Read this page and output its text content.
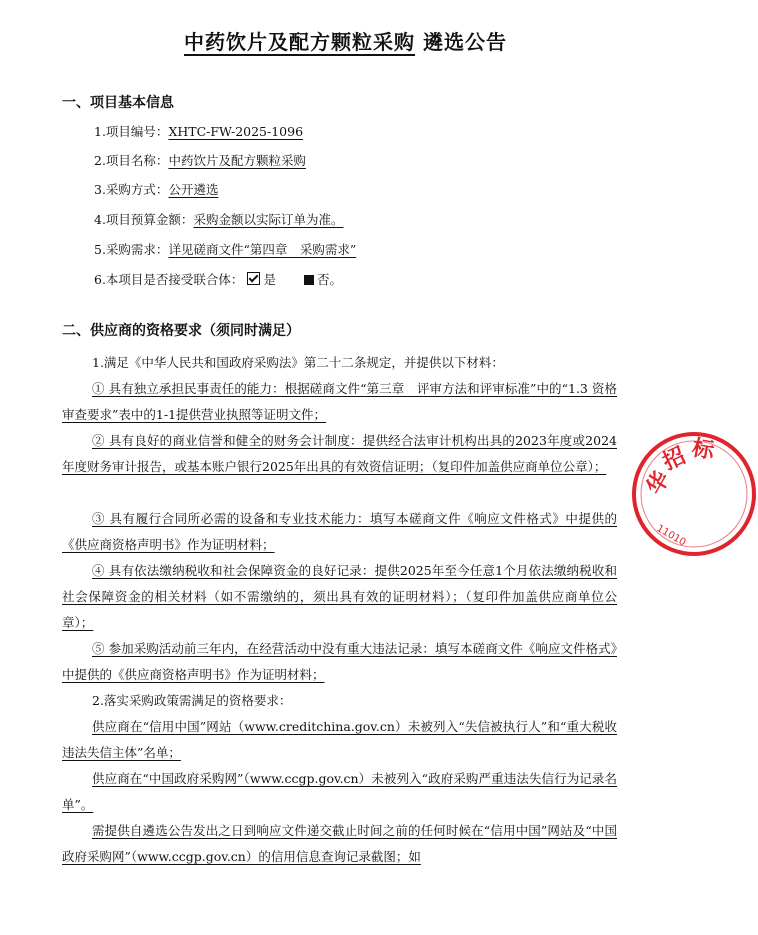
中药饮片及配方颗粒采购 遴选公告
一、项目基本信息
1.项目编号：XHTC-FW-2025-1096
2.项目名称：中药饮片及配方颗粒采购
3.采购方式：公开遴选
4.项目预算金额：采购金额以实际订单为准。
5.采购需求：详见磋商文件“第四章　采购需求”
6.本项目是否接受联合体： 是	否。
二、供应商的资格要求（须同时满足）
1.满足《中华人民共和国政府采购法》第二十二条规定，并提供以下材料：
① 具有独立承担民事责任的能力：根据磋商文件“第三章　评审方法和评审标准”中的“1.3 资格审查要求”表中的1-1提供营业执照等证明文件；
② 具有良好的商业信誉和健全的财务会计制度：提供经合法审计机构出具的2023年度或2024年度财务审计报告，或基本账户银行2025年出具的有效资信证明；（复印件加盖供应商单位公章）；
③ 具有履行合同所必需的设备和专业技术能力：填写本磋商文件《响应文件格式》中提供的《供应商资格声明书》作为证明材料；
④ 具有依法缴纳税收和社会保障资金的良好记录：提供2025年至今任意1个月依法缴纳税收和社会保障资金的相关材料（如不需缴纳的，须出具有效的证明材料）；（复印件加盖供应商单位公章）；
⑤ 参加采购活动前三年内，在经营活动中没有重大违法记录：填写本磋商文件《响应文件格式》中提供的《供应商资格声明书》作为证明材料；
2.落实采购政策需满足的资格要求：
供应商在“信用中国”网站（www.creditchina.gov.cn）未被列入“失信被执行人”和“重大税收违法失信主体”名单；
供应商在“中国政府采购网”（www.ccgp.gov.cn）未被列入“政府采购严重违法失信行为记录名单”。
需提供自遴选公告发出之日到响应文件递交截止时间之前的任何时候在“信用中国”网站及“中国政府采购网”（www.ccgp.gov.cn）的信用信息查询记录截图；如
华
招 标
11010
